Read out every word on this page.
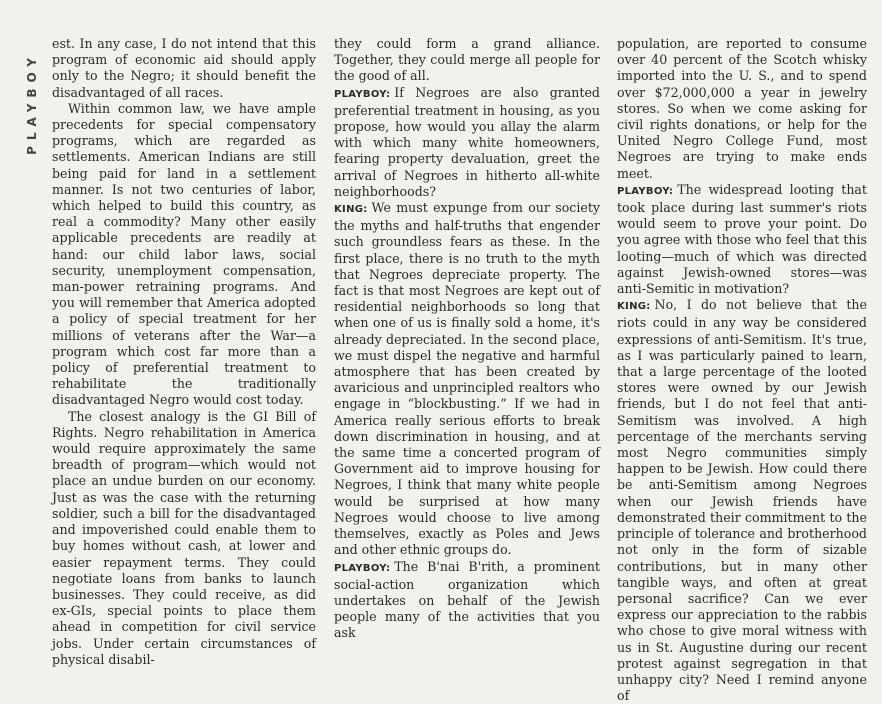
PLAYBOY

est. In any case, I do not intend that this program of economic aid should apply only to the Negro; it should benefit the disadvantaged of all races.

Within common law, we have ample precedents for special compensatory programs, which are regarded as settlements. American Indians are still being paid for land in a settlement manner. Is not two centuries of labor, which helped to build this country, as real a commodity? Many other easily applicable precedents are readily at hand: our child labor laws, social security, unemployment compensation, man-power retraining programs. And you will remember that America adopted a policy of special treatment for her millions of veterans after the War—a program which cost far more than a policy of preferential treatment to rehabilitate the traditionally disadvantaged Negro would cost today.

The closest analogy is the GI Bill of Rights. Negro rehabilitation in America would require approximately the same breadth of program—which would not place an undue burden on our economy. Just as was the case with the returning soldier, such a bill for the disadvantaged and impoverished could enable them to buy homes without cash, at lower and easier repayment terms. They could negotiate loans from banks to launch businesses. They could receive, as did ex-GIs, special points to place them ahead in competition for civil service jobs. Under certain circumstances of physical disabil-

they could form a grand alliance. Together, they could merge all people for the good of all.

PLAYBOY: If Negroes are also granted preferential treatment in housing, as you propose, how would you allay the alarm with which many white homeowners, fearing property devaluation, greet the arrival of Negroes in hitherto all-white neighborhoods?

KING: We must expunge from our society the myths and half-truths that engender such groundless fears as these. In the first place, there is no truth to the myth that Negroes depreciate property. The fact is that most Negroes are kept out of residential neighborhoods so long that when one of us is finally sold a home, it's already depreciated. In the second place, we must dispel the negative and harmful atmosphere that has been created by avaricious and unprincipled realtors who engage in “blockbusting.” If we had in America really serious efforts to break down discrimination in housing, and at the same time a concerted program of Government aid to improve housing for Negroes, I think that many white people would be surprised at how many Negroes would choose to live among themselves, exactly as Poles and Jews and other ethnic groups do.

PLAYBOY: The B'nai B'rith, a prominent social-action organization which undertakes on behalf of the Jewish people many of the activities that you ask

population, are reported to consume over 40 percent of the Scotch whisky imported into the U. S., and to spend over $72,000,000 a year in jewelry stores. So when we come asking for civil rights donations, or help for the United Negro College Fund, most Negroes are trying to make ends meet.

PLAYBOY: The widespread looting that took place during last summer's riots would seem to prove your point. Do you agree with those who feel that this looting—much of which was directed against Jewish-owned stores—was anti-Semitic in motivation?

KING: No, I do not believe that the riots could in any way be considered expressions of anti-Semitism. It's true, as I was particularly pained to learn, that a large percentage of the looted stores were owned by our Jewish friends, but I do not feel that anti-Semitism was involved. A high percentage of the merchants serving most Negro communities simply happen to be Jewish. How could there be anti-Semitism among Negroes when our Jewish friends have demonstrated their commitment to the principle of tolerance and brotherhood not only in the form of sizable contributions, but in many other tangible ways, and often at great personal sacrifice? Can we ever express our appreciation to the rabbis who chose to give moral witness with us in St. Augustine during our recent protest against segregation in that unhappy city? Need I remind anyone of
